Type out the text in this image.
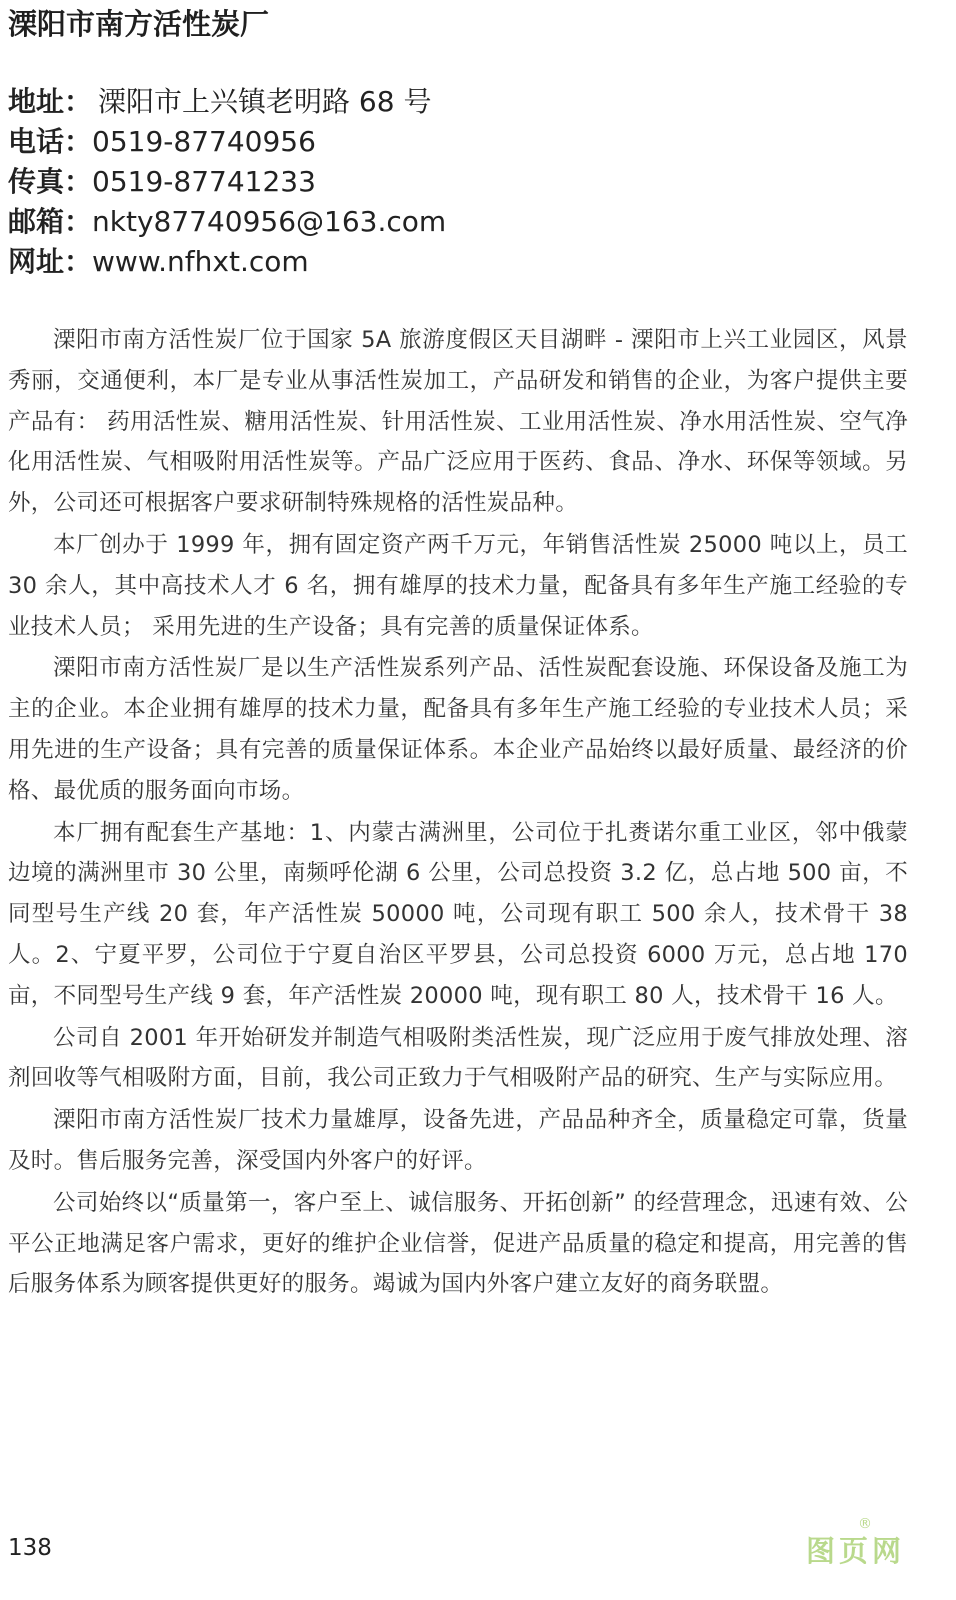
溧阳市南方活性炭厂
地址： 溧阳市上兴镇老明路 68 号
电话：0519-87740956
传真：0519-87741233
邮箱：nkty87740956@163.com
网址：www.nfhxt.com

溧阳市南方活性炭厂位于国家 5A 旅游度假区天目湖畔 - 溧阳市上兴工业园区，风景秀丽，交通便利，本厂是专业从事活性炭加工，产品研发和销售的企业，为客户提供主要产品有： 药用活性炭、糖用活性炭、针用活性炭、工业用活性炭、净水用活性炭、空气净化用活性炭、气相吸附用活性炭等。产品广泛应用于医药、食品、净水、环保等领域。另外，公司还可根据客户要求研制特殊规格的活性炭品种。

本厂创办于 1999 年，拥有固定资产两千万元，年销售活性炭 25000 吨以上，员工 30 余人，其中高技术人才 6 名，拥有雄厚的技术力量，配备具有多年生产施工经验的专业技术人员； 采用先进的生产设备；具有完善的质量保证体系。

溧阳市南方活性炭厂是以生产活性炭系列产品、活性炭配套设施、环保设备及施工为主的企业。本企业拥有雄厚的技术力量，配备具有多年生产施工经验的专业技术人员；采用先进的生产设备；具有完善的质量保证体系。本企业产品始终以最好质量、最经济的价格、最优质的服务面向市场。

本厂拥有配套生产基地：1、内蒙古满洲里，公司位于扎赉诺尔重工业区，邻中俄蒙边境的满洲里市 30 公里，南频呼伦湖 6 公里，公司总投资 3.2 亿，总占地 500 亩，不同型号生产线 20 套，年产活性炭 50000 吨，公司现有职工 500 余人，技术骨干 38 人。2、宁夏平罗，公司位于宁夏自治区平罗县，公司总投资 6000 万元，总占地 170 亩，不同型号生产线 9 套，年产活性炭 20000 吨，现有职工 80 人，技术骨干 16 人。

公司自 2001 年开始研发并制造气相吸附类活性炭，现广泛应用于废气排放处理、溶剂回收等气相吸附方面，目前，我公司正致力于气相吸附产品的研究、生产与实际应用。

溧阳市南方活性炭厂技术力量雄厚，设备先进，产品品种齐全，质量稳定可靠，货量及时。售后服务完善，深受国内外客户的好评。

公司始终以“质量第一，客户至上、诚信服务、开拓创新” 的经营理念，迅速有效、公平公正地满足客户需求，更好的维护企业信誉，促进产品质量的稳定和提高，用完善的售后服务体系为顾客提供更好的服务。竭诚为国内外客户建立友好的商务联盟。

138
®
图页网
